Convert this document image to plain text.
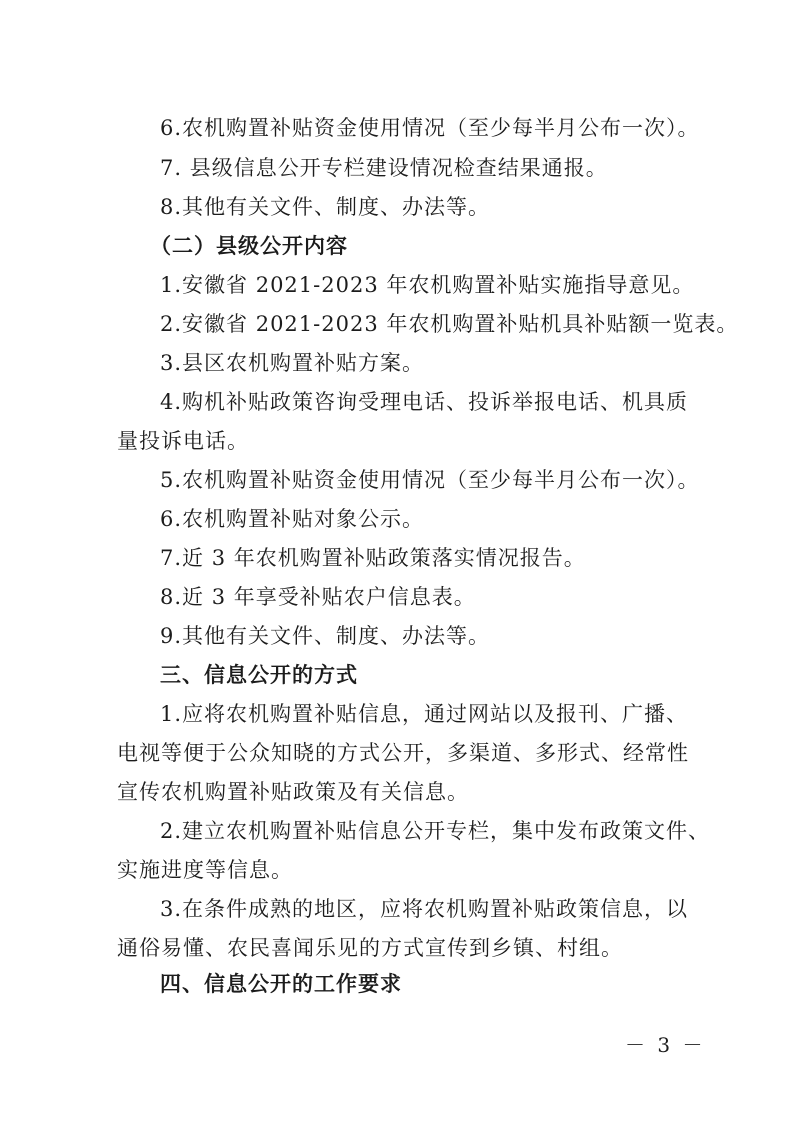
6.农机购置补贴资金使用情况（至少每半月公布一次）。
7. 县级信息公开专栏建设情况检查结果通报。
8.其他有关文件、制度、办法等。
（二）县级公开内容
1.安徽省 2021-2023 年农机购置补贴实施指导意见。
2.安徽省 2021-2023 年农机购置补贴机具补贴额一览表。
3.县区农机购置补贴方案。
4.购机补贴政策咨询受理电话、投诉举报电话、机具质
量投诉电话。
5.农机购置补贴资金使用情况（至少每半月公布一次）。
6.农机购置补贴对象公示。
7.近 3 年农机购置补贴政策落实情况报告。
8.近 3 年享受补贴农户信息表。
9.其他有关文件、制度、办法等。
三、信息公开的方式
1.应将农机购置补贴信息，通过网站以及报刊、广播、
电视等便于公众知晓的方式公开，多渠道、多形式、经常性
宣传农机购置补贴政策及有关信息。
2.建立农机购置补贴信息公开专栏，集中发布政策文件、
实施进度等信息。
3.在条件成熟的地区，应将农机购置补贴政策信息，以
通俗易懂、农民喜闻乐见的方式宣传到乡镇、村组。
四、信息公开的工作要求
－ 3 －
